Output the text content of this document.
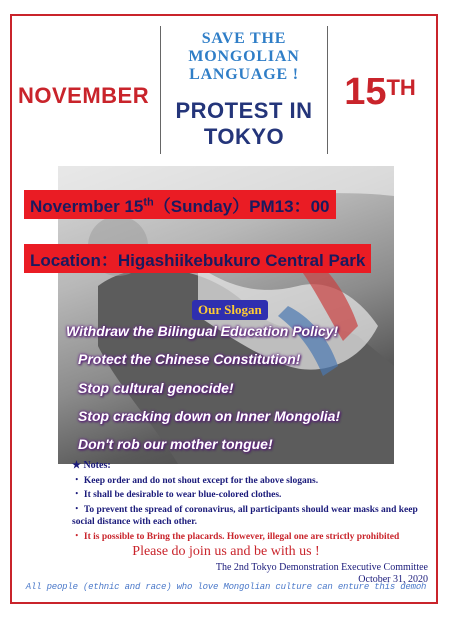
NOVEMBER
SAVE THE
MONGOLIAN
LANGUAGE !
PROTEST IN
TOKYO
15TH
Novermber 15th（Sunday）PM13：00
Location：Higashiikebukuro Central Park
Our Slogan
Withdraw the Bilingual Education Policy!
Protect the Chinese Constitution!
Stop cultural genocide!
Stop cracking down on Inner Mongolia!
Don't rob our mother tongue!
★ Notes:
・ Keep order and do not shout except for the above slogans.
・ It shall be desirable to wear blue-colored clothes.
・ To prevent the spread of coronavirus, all participants should wear masks and keep social distance with each other.
・ It is possible to Bring the placards. However, illegal one are strictly prohibited
Please do join us and be with us !
The 2nd Tokyo Demonstration Executive Committee
October 31, 2020
All people (ethnic and race) who love Mongolian culture can enture this demoh
